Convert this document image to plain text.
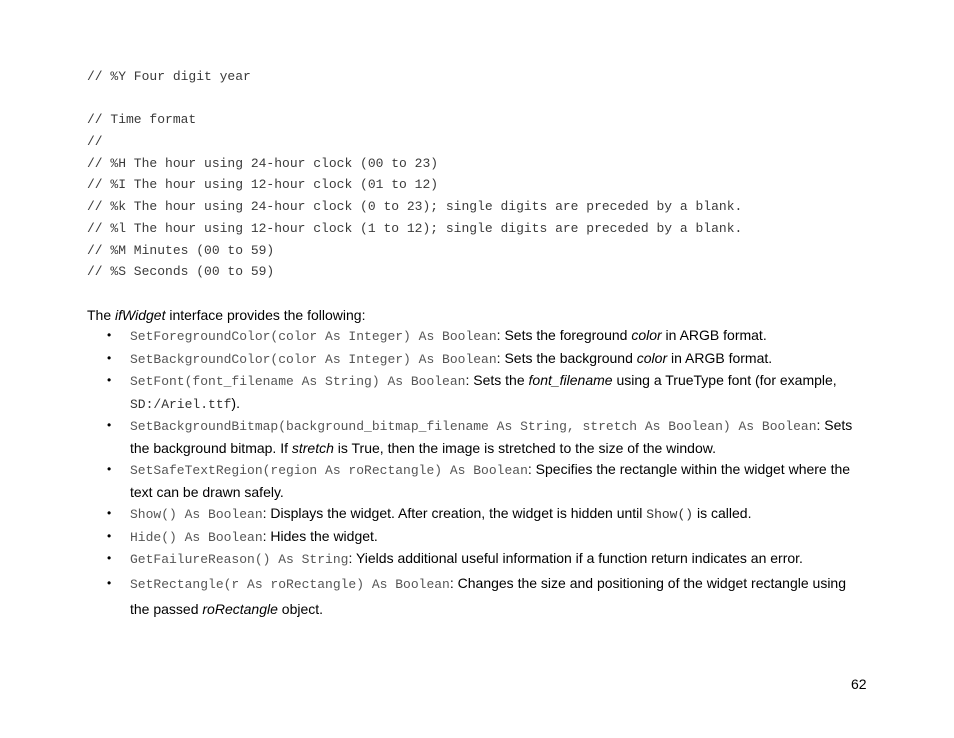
// %Y Four digit year
// Time format
//
// %H The hour using 24-hour clock (00 to 23)
// %I The hour using 12-hour clock (01 to 12)
// %k The hour using 24-hour clock (0 to 23); single digits are preceded by a blank.
// %l The hour using 12-hour clock (1 to 12); single digits are preceded by a blank.
// %M Minutes (00 to 59)
// %S Seconds (00 to 59)

The ifWidget interface provides the following:

• SetForegroundColor(color As Integer) As Boolean: Sets the foreground color in ARGB format.
• SetBackgroundColor(color As Integer) As Boolean: Sets the background color in ARGB format.
• SetFont(font_filename As String) As Boolean: Sets the font_filename using a TrueType font (for example, SD:/Ariel.ttf).
• SetBackgroundBitmap(background_bitmap_filename As String, stretch As Boolean) As Boolean: Sets the background bitmap. If stretch is True, then the image is stretched to the size of the window.
• SetSafeTextRegion(region As roRectangle) As Boolean: Specifies the rectangle within the widget where the text can be drawn safely.
• Show() As Boolean: Displays the widget. After creation, the widget is hidden until Show() is called.
• Hide() As Boolean: Hides the widget.
• GetFailureReason() As String: Yields additional useful information if a function return indicates an error.
• SetRectangle(r As roRectangle) As Boolean: Changes the size and positioning of the widget rectangle using the passed roRectangle object.

62
